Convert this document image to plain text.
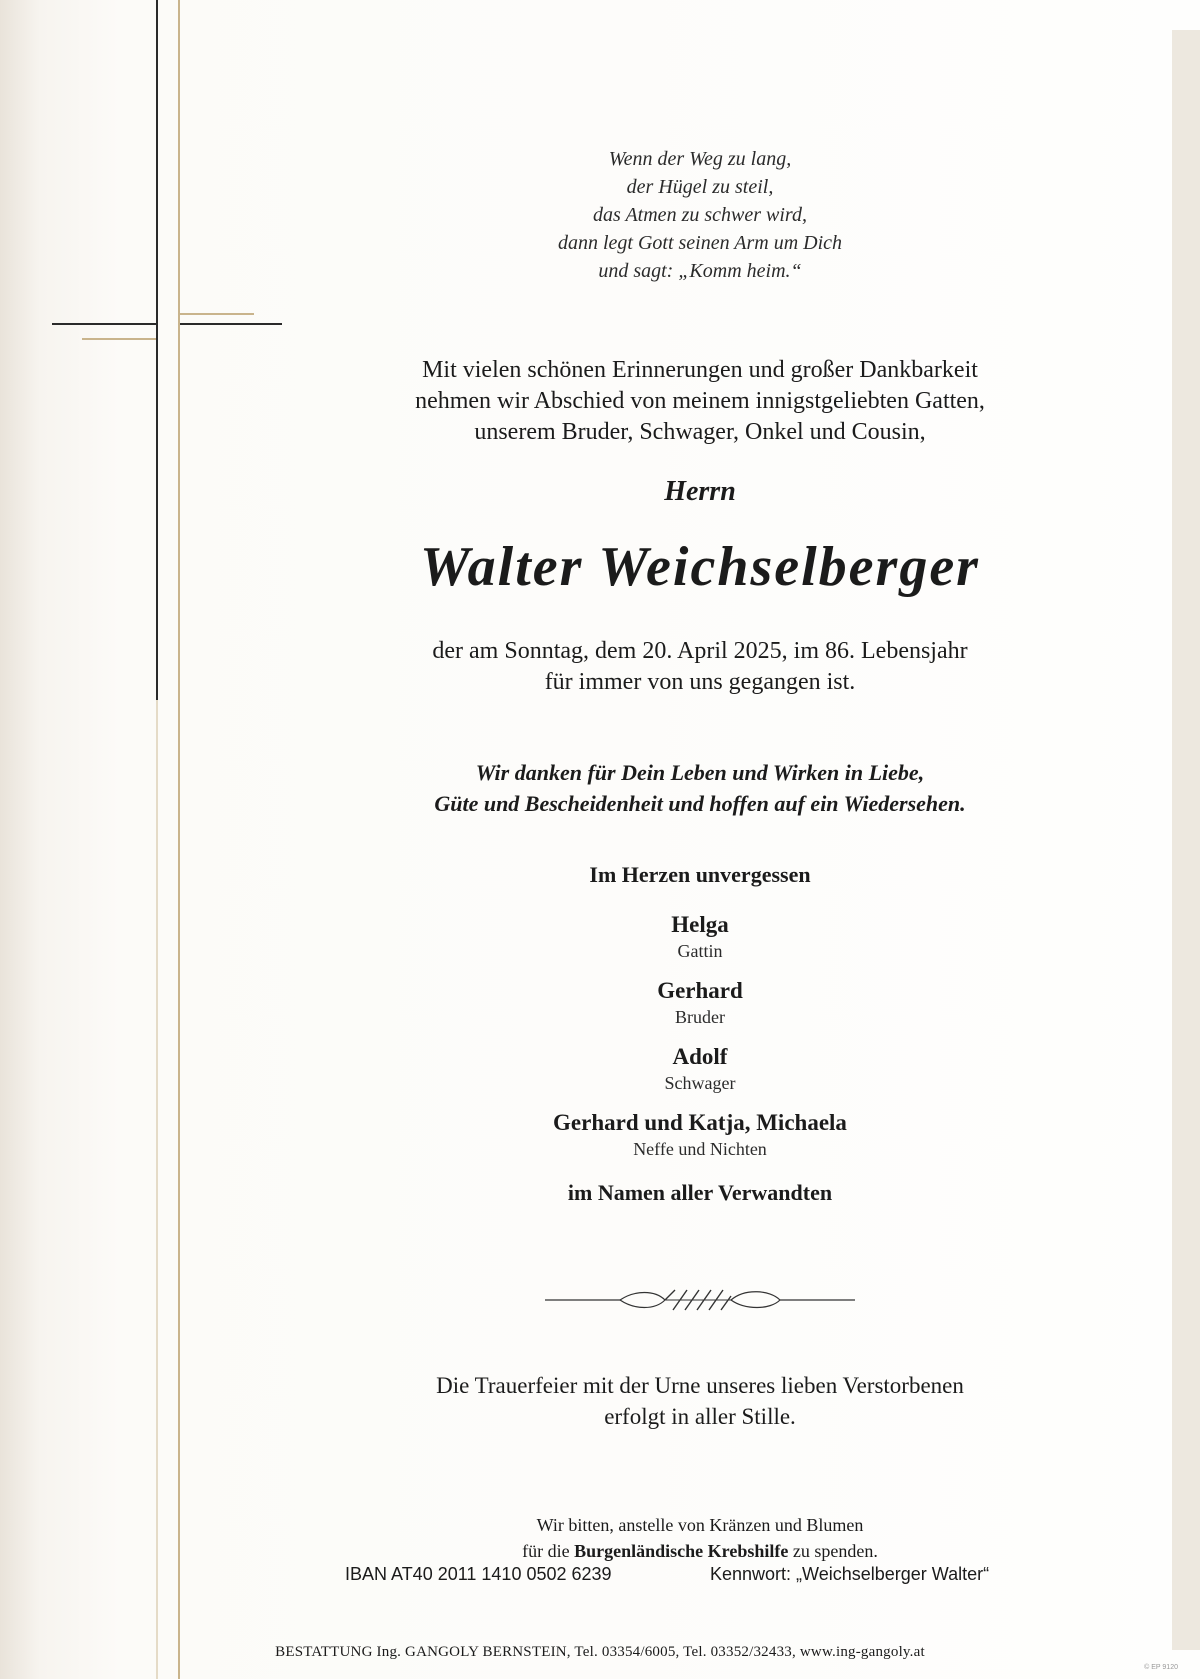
Wenn der Weg zu lang,
der Hügel zu steil,
das Atmen zu schwer wird,
dann legt Gott seinen Arm um Dich
und sagt: „Komm heim.“
Mit vielen schönen Erinnerungen und großer Dankbarkeit
nehmen wir Abschied von meinem innigstgeliebten Gatten,
unserem Bruder, Schwager, Onkel und Cousin,
Herrn
Walter Weichselberger
der am Sonntag, dem 20. April 2025, im 86. Lebensjahr
für immer von uns gegangen ist.
Wir danken für Dein Leben und Wirken in Liebe,
Güte und Bescheidenheit und hoffen auf ein Wiedersehen.
Im Herzen unvergessen
Helga
Gattin
Gerhard
Bruder
Adolf
Schwager
Gerhard und Katja, Michaela
Neffe und Nichten
im Namen aller Verwandten
Die Trauerfeier mit der Urne unseres lieben Verstorbenen
erfolgt in aller Stille.
Wir bitten, anstelle von Kränzen und Blumen
für die Burgenländische Krebshilfe zu spenden.
IBAN AT40 2011 1410 0502 6239	Kennwort: „Weichselberger Walter“
BESTATTUNG Ing. GANGOLY BERNSTEIN, Tel. 03354/6005, Tel. 03352/32433, www.ing-gangoly.at
© EP 9120
